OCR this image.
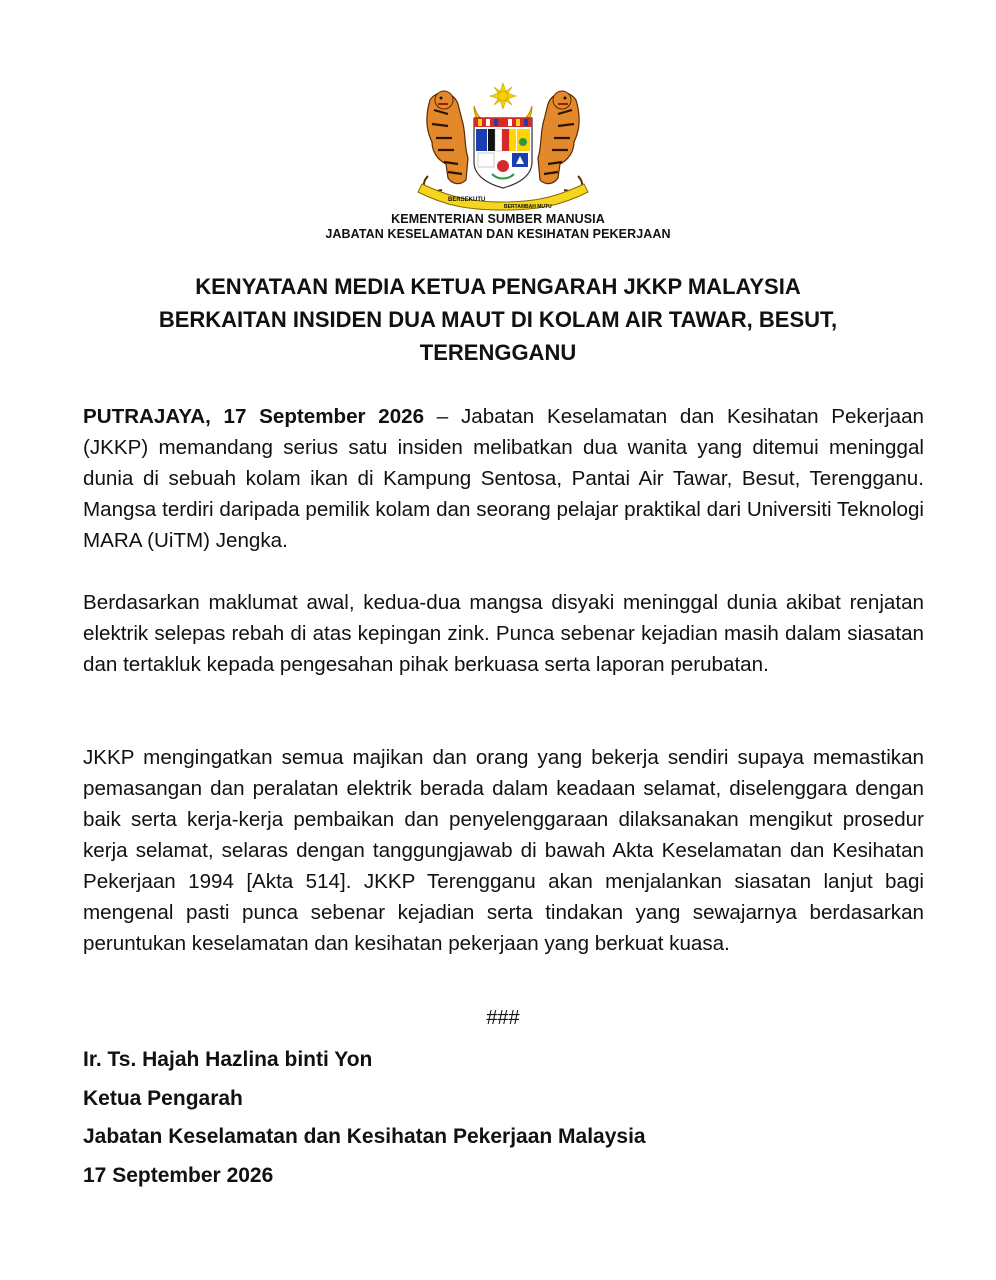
BERSEKUTU
BERTAMBAH MUTU
KEMENTERIAN SUMBER MANUSIA
JABATAN KESELAMATAN DAN KESIHATAN PEKERJAAN
KENYATAAN MEDIA KETUA PENGARAH JKKP MALAYSIA
BERKAITAN INSIDEN DUA MAUT DI KOLAM AIR TAWAR, BESUT,
TERENGGANU

PUTRAJAYA, 17 September 2026 – Jabatan Keselamatan dan Kesihatan Pekerjaan (JKKP) memandang serius satu insiden melibatkan dua wanita yang ditemui meninggal dunia di sebuah kolam ikan di Kampung Sentosa, Pantai Air Tawar, Besut, Terengganu. Mangsa terdiri daripada pemilik kolam dan seorang pelajar praktikal dari Universiti Teknologi MARA (UiTM) Jengka.

Berdasarkan maklumat awal, kedua-dua mangsa disyaki meninggal dunia akibat renjatan elektrik selepas rebah di atas kepingan zink. Punca sebenar kejadian masih dalam siasatan dan tertakluk kepada pengesahan pihak berkuasa serta laporan perubatan.

JKKP mengingatkan semua majikan dan orang yang bekerja sendiri supaya memastikan pemasangan dan peralatan elektrik berada dalam keadaan selamat, diselenggara dengan baik serta kerja-kerja pembaikan dan penyelenggaraan dilaksanakan mengikut prosedur kerja selamat, selaras dengan tanggungjawab di bawah Akta Keselamatan dan Kesihatan Pekerjaan 1994 [Akta 514]. JKKP Terengganu akan menjalankan siasatan lanjut bagi mengenal pasti punca sebenar kejadian serta tindakan yang sewajarnya berdasarkan peruntukan keselamatan dan kesihatan pekerjaan yang berkuat kuasa.

###
Ir. Ts. Hajah Hazlina binti Yon
Ketua Pengarah
Jabatan Keselamatan dan Kesihatan Pekerjaan Malaysia
17 September 2026
